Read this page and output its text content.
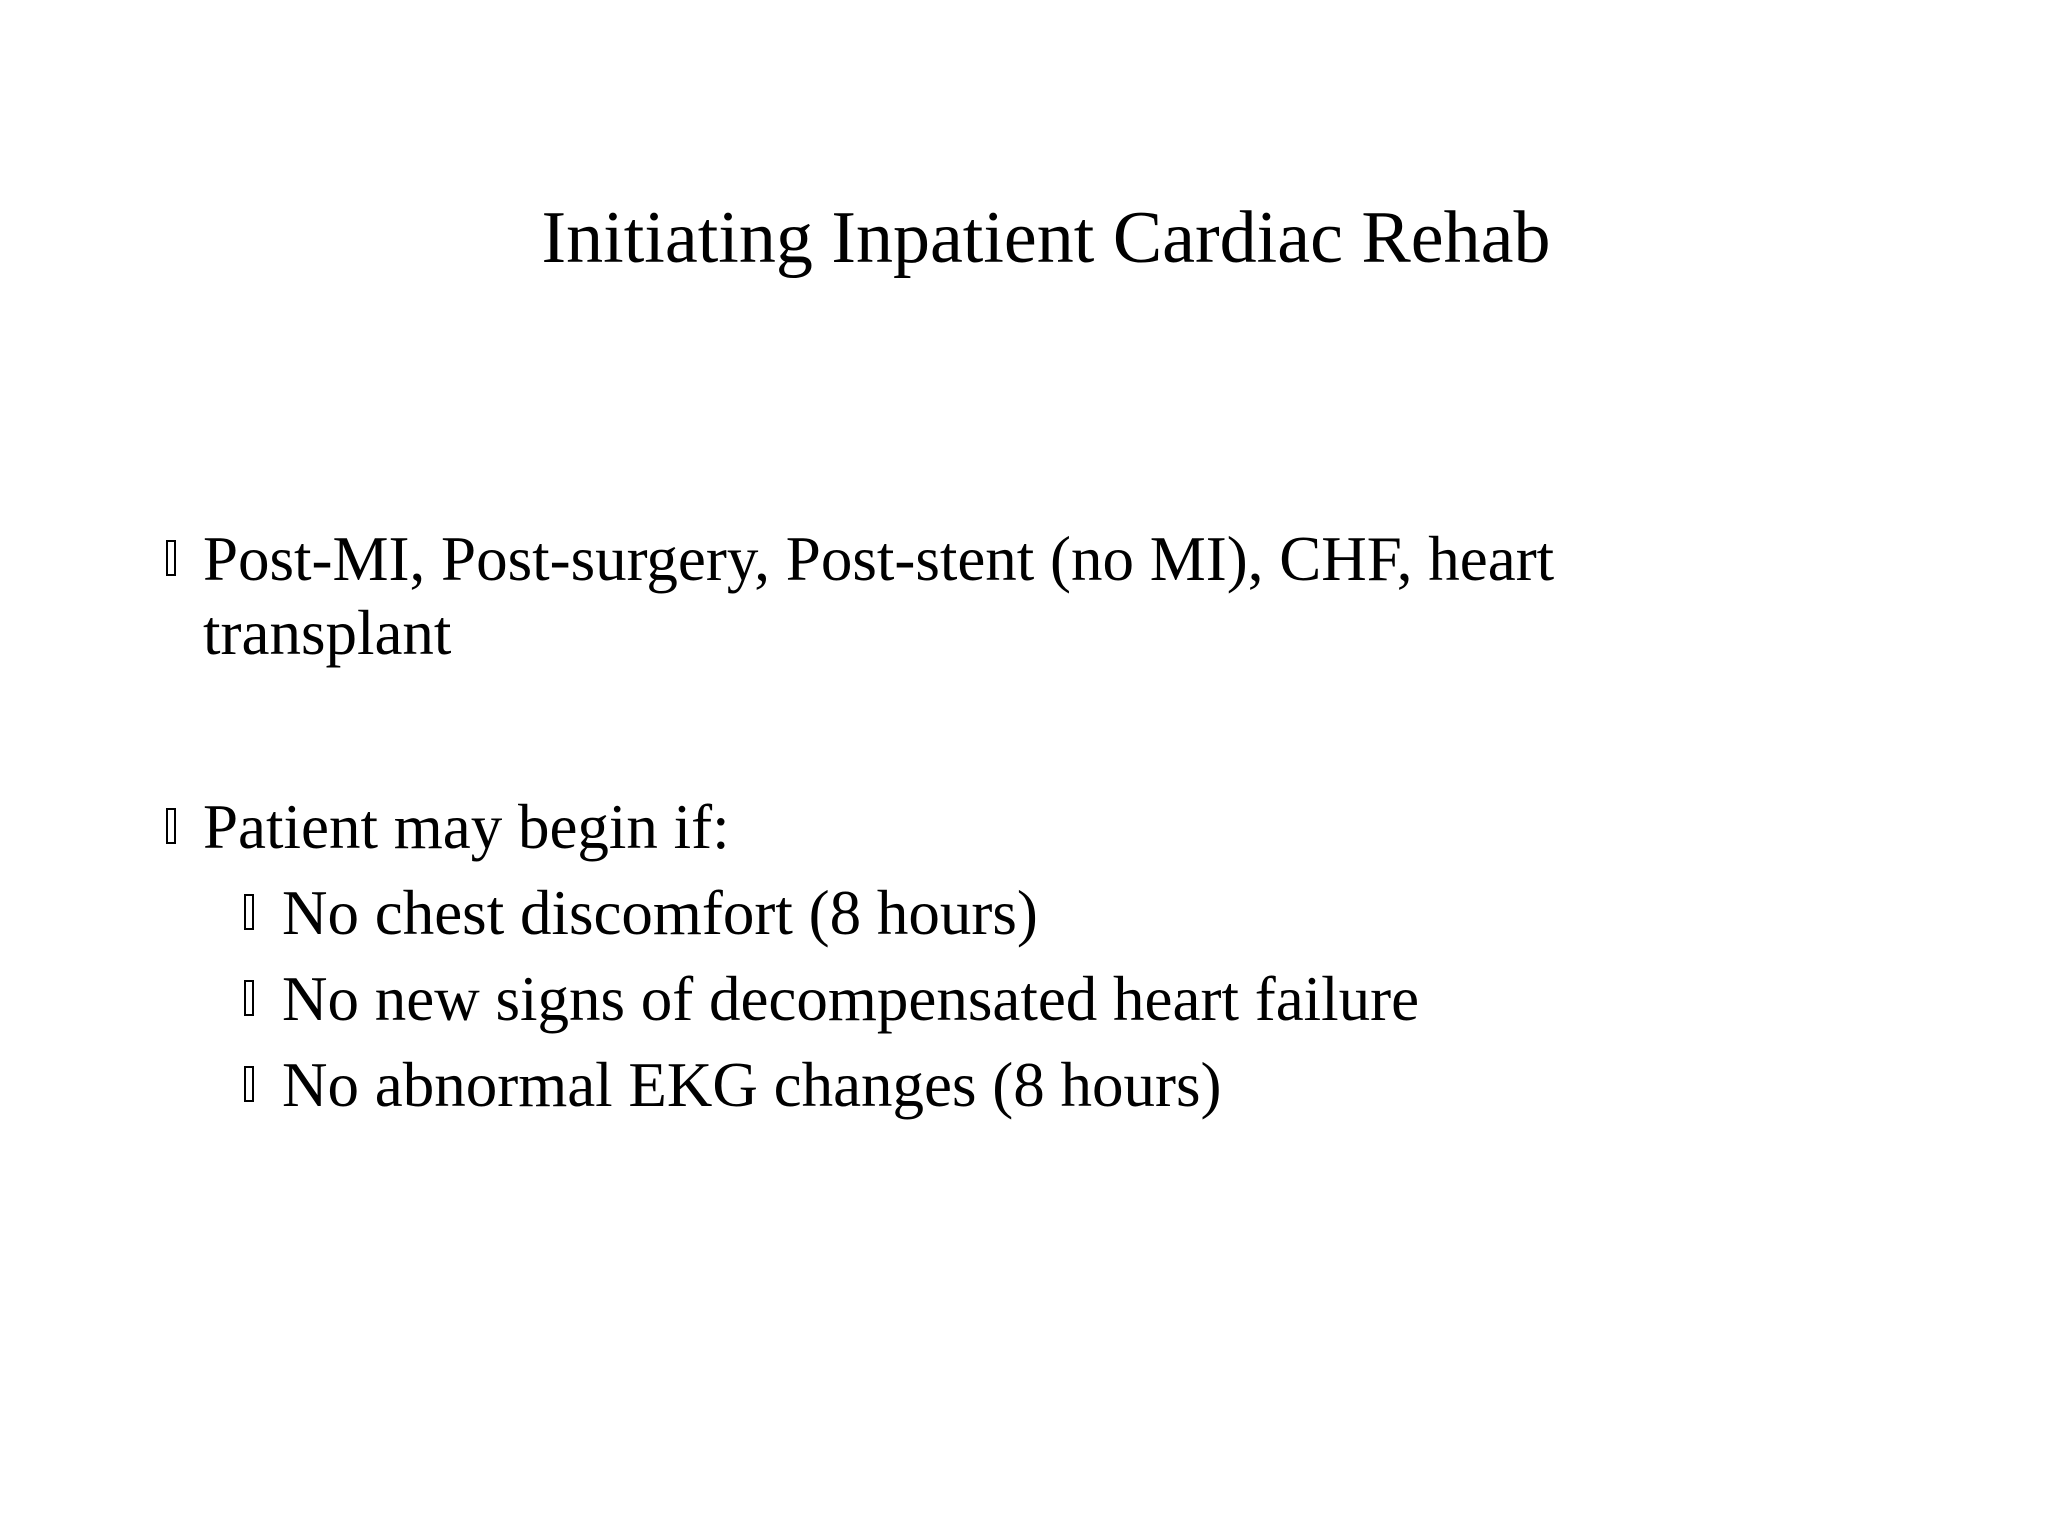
Initiating Inpatient Cardiac Rehab
Post-MI, Post-surgery, Post-stent (no MI), CHF, heart transplant
Patient may begin if:
No chest discomfort (8 hours)
No new signs of decompensated heart failure
No abnormal EKG changes (8 hours)
